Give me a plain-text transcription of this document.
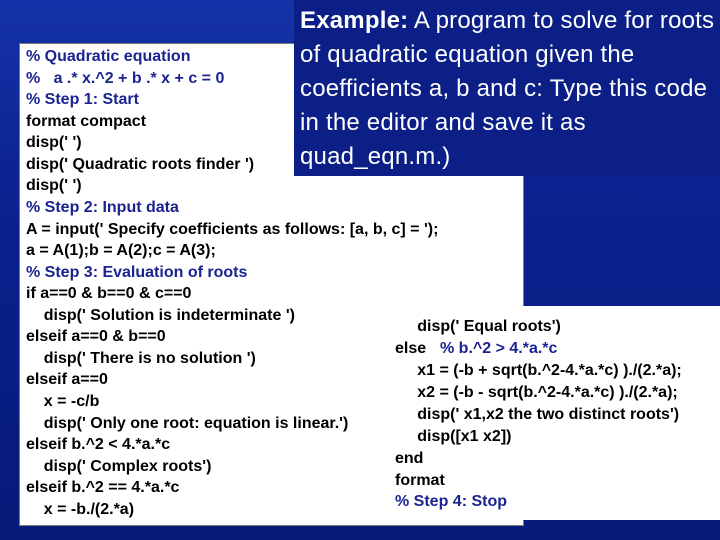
% Quadratic equation
%   a .* x.^2 + b .* x + c = 0
% Step 1: Start
format compact
disp(' ')
disp(' Quadratic roots finder ')
disp(' ')
% Step 2: Input data
A = input(' Specify coefficients as follows: [a, b, c] = ');
a = A(1);b = A(2);c = A(3);
% Step 3: Evaluation of roots
if a==0 & b==0 & c==0
disp(' Solution is indeterminate ')
elseif a==0 & b==0
disp(' There is no solution ')
elseif a==0
x = -c/b
disp(' Only one root: equation is linear.')
elseif b.^2 < 4.*a.*c
disp(' Complex roots')
elseif b.^2 == 4.*a.*c
x = -b./(2.*a)
disp(' Equal roots')
else % b.^2 > 4.*a.*c
x1 = (-b + sqrt(b.^2-4.*a.*c) )./(2.*a);
x2 = (-b - sqrt(b.^2-4.*a.*c) )./(2.*a);
disp(' x1,x2 the two distinct roots')
disp([x1 x2])
end
format
% Step 4: Stop
Example: A program to solve for roots of quadratic equation given the coefficients a, b and c: Type this code in the editor and save it as quad_eqn.m.)
